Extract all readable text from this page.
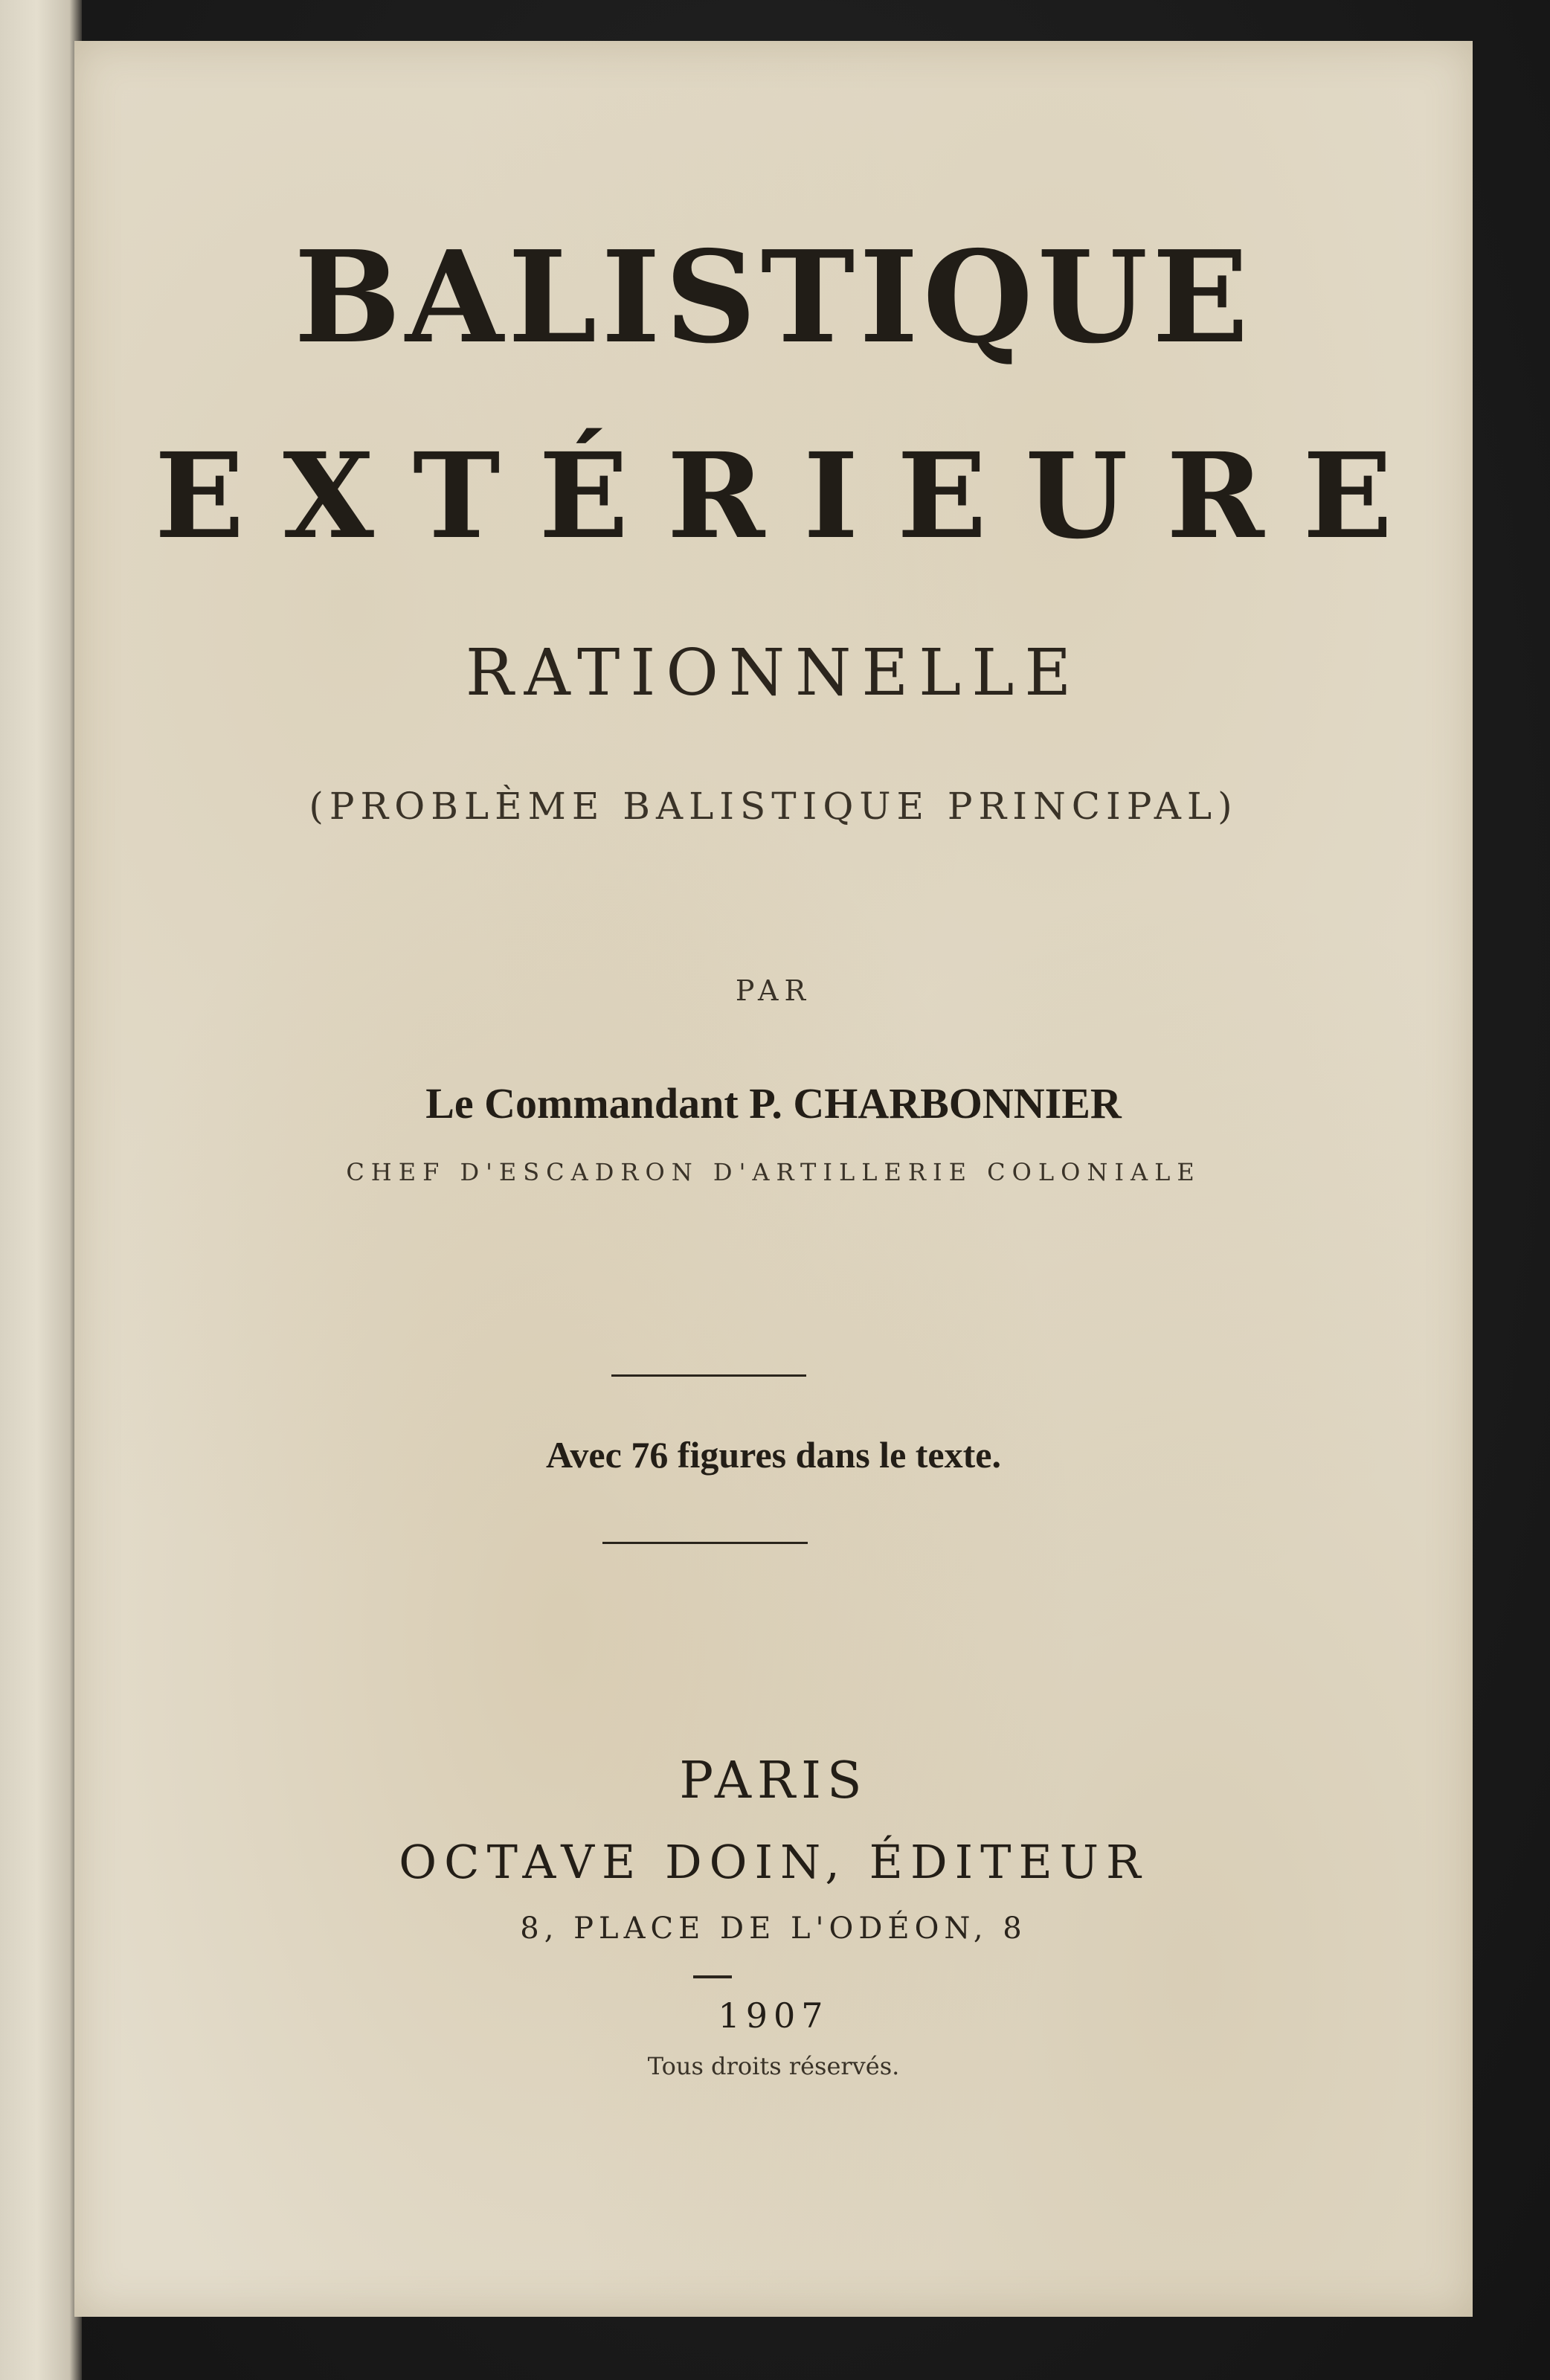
BALISTIQUE
EXTÉRIEURE
RATIONNELLE
(PROBLÈME BALISTIQUE PRINCIPAL)
PAR
Le Commandant P. CHARBONNIER
CHEF D'ESCADRON D'ARTILLERIE COLONIALE
Avec 76 figures dans le texte.
PARIS
OCTAVE DOIN, ÉDITEUR
8, PLACE DE L'ODÉON, 8
1907
Tous droits réservés.
